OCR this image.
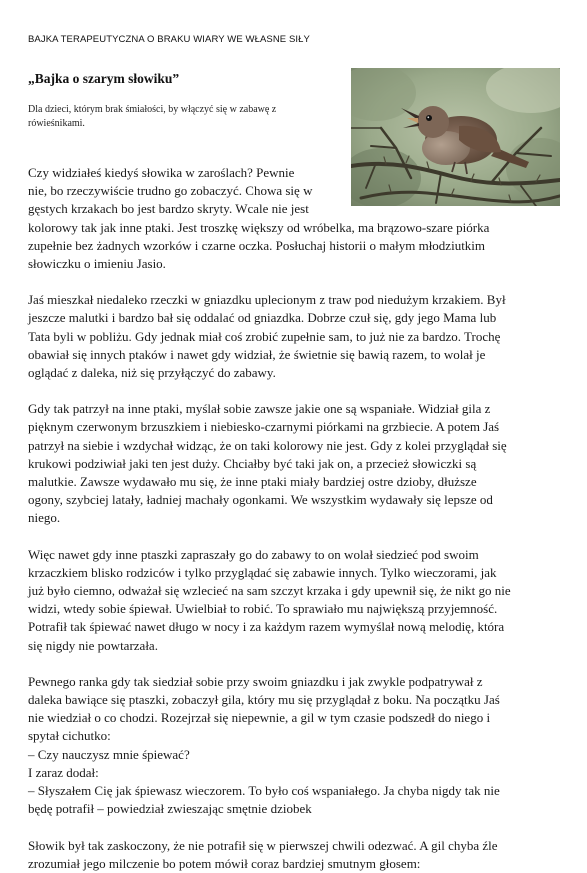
BAJKA TERAPEUTYCZNA O BRAKU WIARY WE WŁASNE SIŁY
„Bajka o szarym słowiku”
Dla dzieci, którym brak śmiałości, by włączyć się w zabawę z rówieśnikami.

Czy widziałeś kiedyś słowika w zaroślach? Pewnie
nie, bo rzeczywiście trudno go zobaczyć. Chowa się w
gęstych krzakach bo jest bardzo skryty. Wcale nie jest
kolorowy tak jak inne ptaki. Jest troszkę większy od wróbelka, ma brązowo-szare piórka
zupełnie bez żadnych wzorków i czarne oczka. Posłuchaj historii o małym młodziutkim
słowiczku o imieniu Jasio.

Jaś mieszkał niedaleko rzeczki w gniazdku uplecionym z traw pod niedużym krzakiem. Był
jeszcze malutki i bardzo bał się oddalać od gniazdka. Dobrze czuł się, gdy jego Mama lub
Tata byli w pobliżu. Gdy jednak miał coś zrobić zupełnie sam, to już nie za bardzo. Trochę
obawiał się innych ptaków i nawet gdy widział, że świetnie się bawią razem, to wolał je
oglądać z daleka, niż się przyłączyć do zabawy.

Gdy tak patrzył na inne ptaki, myślał sobie zawsze jakie one są wspaniałe. Widział gila z
pięknym czerwonym brzuszkiem i niebiesko-czarnymi piórkami na grzbiecie. A potem Jaś
patrzył na siebie i wzdychał widząc, że on taki kolorowy nie jest. Gdy z kolei przyglądał się
krukowi podziwiał jaki ten jest duży. Chciałby być taki jak on, a przecież słowiczki są
malutkie. Zawsze wydawało mu się, że inne ptaki miały bardziej ostre dzioby, dłuższe
ogony, szybciej latały, ładniej machały ogonkami. We wszystkim wydawały się lepsze od
niego.

Więc nawet gdy inne ptaszki zapraszały go do zabawy to on wolał siedzieć pod swoim
krzaczkiem blisko rodziców i tylko przyglądać się zabawie innych. Tylko wieczorami, jak
już było ciemno, odważał się wzlecieć na sam szczyt krzaka i gdy upewnił się, że nikt go nie
widzi, wtedy sobie śpiewał. Uwielbiał to robić. To sprawiało mu największą przyjemność.
Potrafił tak śpiewać nawet długo w nocy i za każdym razem wymyślał nową melodię, która
się nigdy nie powtarzała.

Pewnego ranka gdy tak siedział sobie przy swoim gniazdku i jak zwykle podpatrywał z
daleka bawiące się ptaszki, zobaczył gila, który mu się przyglądał z boku. Na początku Jaś
nie wiedział o co chodzi. Rozejrzał się niepewnie, a gil w tym czasie podszedł do niego i
spytał cichutko:
– Czy nauczysz mnie śpiewać?
I zaraz dodał:
– Słyszałem Cię jak śpiewasz wieczorem. To było coś wspaniałego. Ja chyba nigdy tak nie
będę potrafił – powiedział zwieszając smętnie dziobek

Słowik był tak zaskoczony, że nie potrafił się w pierwszej chwili odezwać. A gil chyba źle
zrozumiał jego milczenie bo potem mówił coraz bardziej smutnym głosem:
